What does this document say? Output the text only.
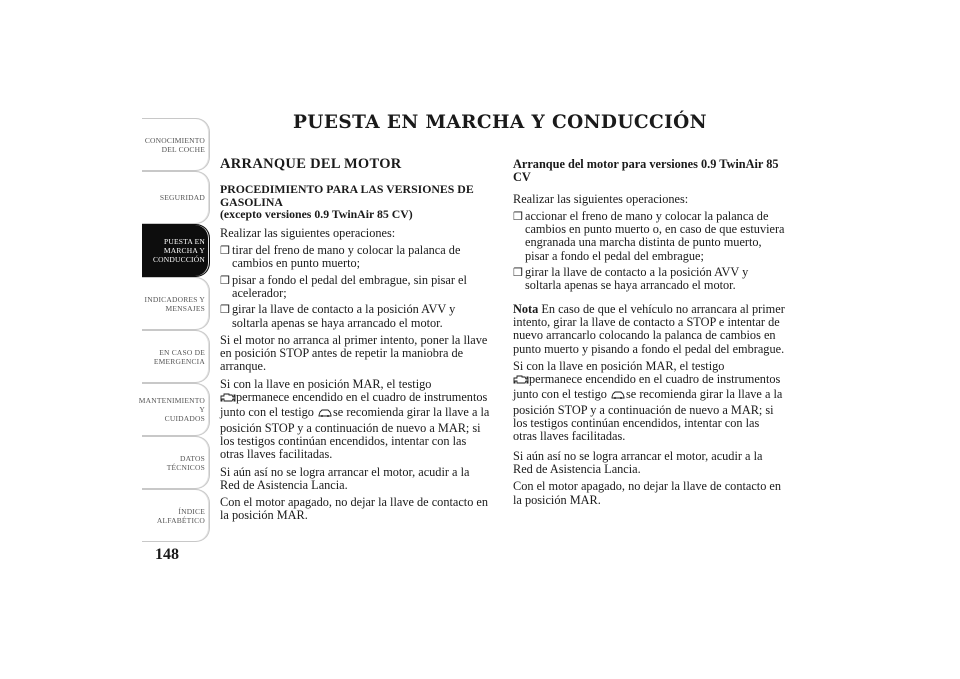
CONOCIMIENTO
DEL COCHE
SEGURIDAD
PUESTA EN
MARCHA Y
CONDUCCIÓN
INDICADORES Y
MENSAJES
EN CASO DE
EMERGENCIA
MANTENIMIENTO Y
CUIDADOS
DATOS TÉCNICOS
ÍNDICE
ALFABÉTICO
148
PUESTA EN MARCHA Y CONDUCCIÓN
ARRANQUE DEL MOTOR
PROCEDIMIENTO PARA LAS VERSIONES DE GASOLINA
(excepto versiones 0.9 TwinAir 85 CV)
Realizar las siguientes operaciones:
❒ tirar del freno de mano y colocar la palanca de cambios en punto muerto;
❒ pisar a fondo el pedal del embrague, sin pisar el acelerador;
❒ girar la llave de contacto a la posición AVV y soltarla apenas se haya arrancado el motor.
Si el motor no arranca al primer intento, poner la llave en posición STOP antes de repetir la maniobra de arranque.
Si con la llave en posición MAR, el testigo
permanece encendido en el cuadro de instrumentos junto con el testigo se recomienda girar la llave a la posición STOP y a continuación de nuevo a MAR; si los testigos continúan encendidos, intentar con las otras llaves facilitadas.
Si aún así no se logra arrancar el motor, acudir a la Red de Asistencia Lancia.
Con el motor apagado, no dejar la llave de contacto en la posición MAR.
Arranque del motor para versiones 0.9 TwinAir 85 CV
Realizar las siguientes operaciones:
❒ accionar el freno de mano y colocar la palanca de cambios en punto muerto o, en caso de que estuviera engranada una marcha distinta de punto muerto, pisar a fondo el pedal del embrague;
❒ girar la llave de contacto a la posición AVV y soltarla apenas se haya arrancado el motor.
Nota En caso de que el vehículo no arrancara al primer intento, girar la llave de contacto a STOP e intentar de nuevo arrancarlo colocando la palanca de cambios en punto muerto y pisando a fondo el pedal del embrague.
Si con la llave en posición MAR, el testigo
permanece encendido en el cuadro de instrumentos junto con el testigo se recomienda girar la llave a la posición STOP y a continuación de nuevo a MAR; si los testigos continúan encendidos, intentar con las otras llaves facilitadas.
Si aún así no se logra arrancar el motor, acudir a la Red de Asistencia Lancia.
Con el motor apagado, no dejar la llave de contacto en la posición MAR.
